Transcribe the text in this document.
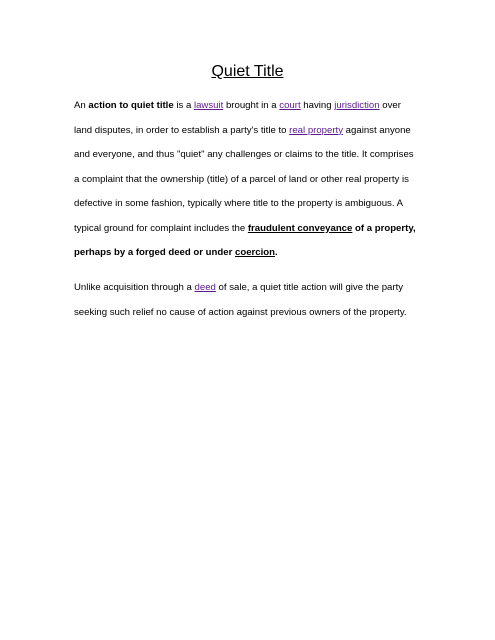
Quiet Title
An action to quiet title is a lawsuit brought in a court having jurisdiction over
land disputes, in order to establish a party's title to real property against anyone
and everyone, and thus "quiet" any challenges or claims to the title. It comprises
a complaint that the ownership (title) of a parcel of land or other real property is
defective in some fashion, typically where title to the property is ambiguous. A
typical ground for complaint includes the fraudulent conveyance of a property,
perhaps by a forged deed or under coercion.
Unlike acquisition through a deed of sale, a quiet title action will give the party
seeking such relief no cause of action against previous owners of the property.
